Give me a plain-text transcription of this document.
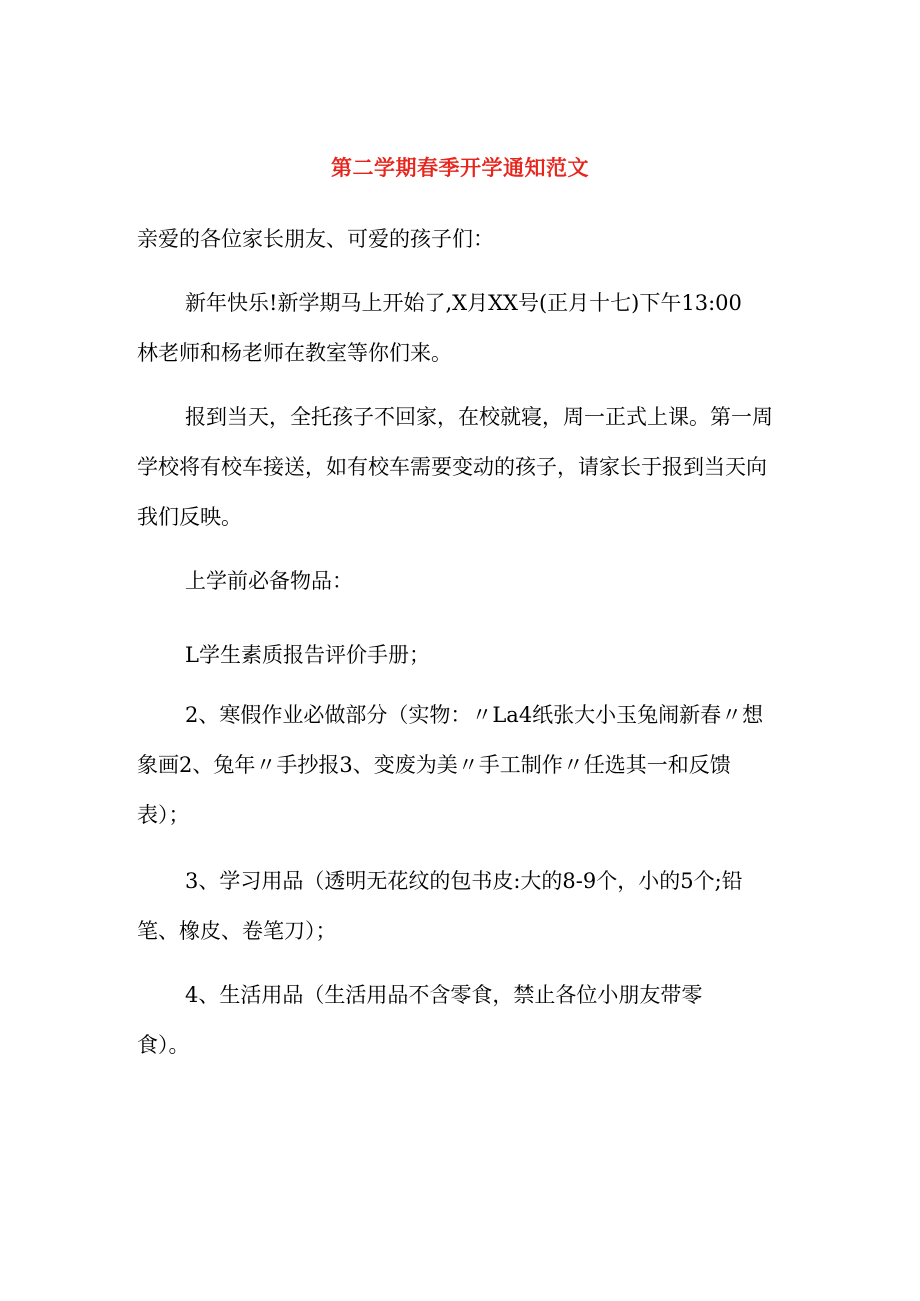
第二学期春季开学通知范文

亲爱的各位家长朋友、可爱的孩子们：

新年快乐!新学期马上开始了,X月XX号(正月十七)下午13:00
林老师和杨老师在教室等你们来。

报到当天，全托孩子不回家，在校就寝，周一正式上课。第一周
学校将有校车接送，如有校车需要变动的孩子，请家长于报到当天向
我们反映。

上学前必备物品：

L学生素质报告评价手册；

2、寒假作业必做部分（实物：〃La4纸张大小玉兔闹新春〃想
象画2、兔年〃手抄报3、变废为美〃手工制作〃任选其一和反馈
表）；

3、学习用品（透明无花纹的包书皮:大的8-9个，小的5个;铅
笔、橡皮、卷笔刀）；

4、生活用品（生活用品不含零食，禁止各位小朋友带零
食）。
